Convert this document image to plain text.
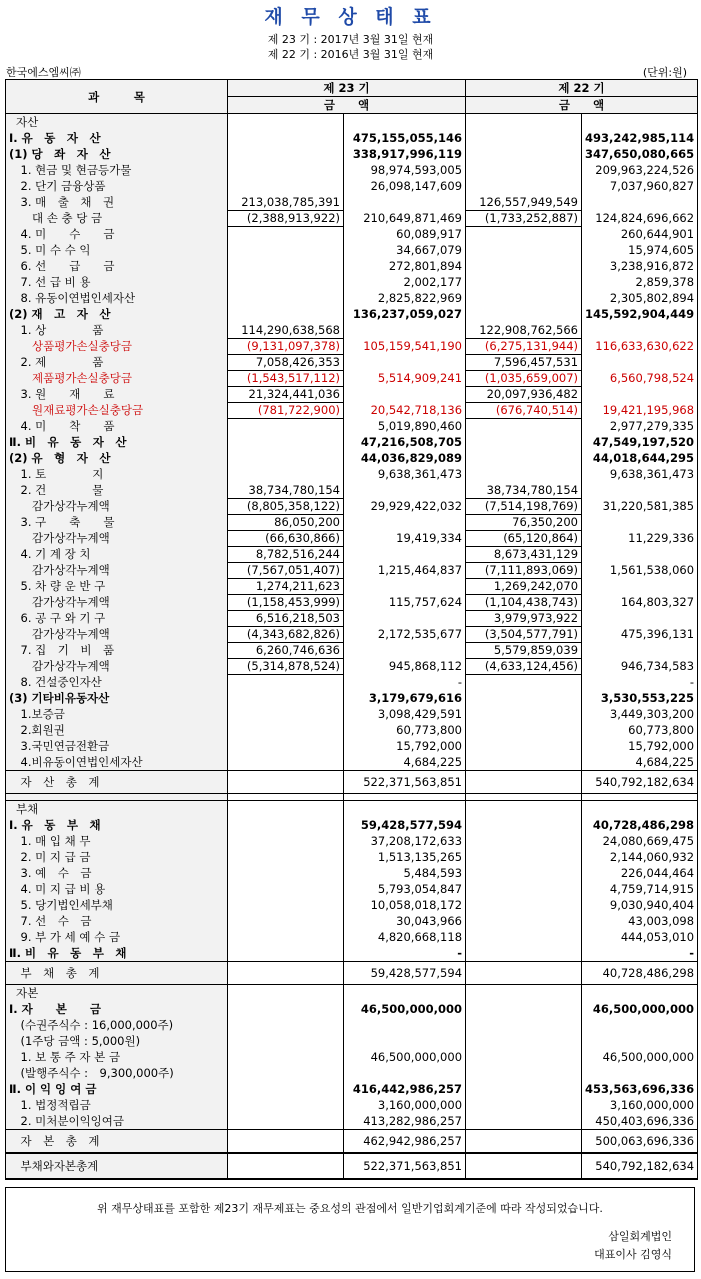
재 무 상 태 표
제 23 기 : 2017년 3월 31일 현재
제 22 기 : 2016년 3월 31일 현재
한국에스엠씨㈜	(단위:원)
과　　　목	제 23 기		제 22 기	
	금　　액		금　　액	
자산				
Ⅰ. 유　동　자　산		475,155,055,146		493,242,985,114
(1) 당　좌　자　산		338,917,996,119		347,650,080,665
　1. 현금 및 현금등가물		98,974,593,005		209,963,224,526
　2. 단기 금융상품		26,098,147,609		7,037,960,827
　3. 매　출　채　권	213,038,785,391		126,557,949,549	
　　대 손 충 당 금	(2,388,913,922)	210,649,871,469	(1,733,252,887)	124,824,696,662
　4. 미　　수　　금		60,089,917		260,644,901
　5. 미 수 수 익		34,667,079		15,974,605
　6. 선　　급　　금		272,801,894		3,238,916,872
　7. 선 급 비 용		2,002,177		2,859,378
　8. 유동이연법인세자산		2,825,822,969		2,305,802,894
(2) 재　고　자　산		136,237,059,027		145,592,904,449
　1. 상　　　　품	114,290,638,568		122,908,762,566	
　　상품평가손실충당금	(9,131,097,378)	105,159,541,190	(6,275,131,944)	116,633,630,622
　2. 제　　　　품	7,058,426,353		7,596,457,531	
　　제품평가손실충당금	(1,543,517,112)	5,514,909,241	(1,035,659,007)	6,560,798,524
　3. 원　　재　　료	21,324,441,036		20,097,936,482	
　　원재료평가손실충당금	(781,722,900)	20,542,718,136	(676,740,514)	19,421,195,968
　4. 미　　착　　품		5,019,890,460		2,977,279,335
Ⅱ. 비　유　동　자　산		47,216,508,705		47,549,197,520
(2) 유　형　자　산		44,036,829,089		44,018,644,295
　1. 토　　　　지		9,638,361,473		9,638,361,473
　2. 건　　　　물	38,734,780,154		38,734,780,154	
　　감가상각누계액	(8,805,358,122)	29,929,422,032	(7,514,198,769)	31,220,581,385
　3. 구　　축　　물	86,050,200		76,350,200	
　　감가상각누계액	(66,630,866)	19,419,334	(65,120,864)	11,229,336
　4. 기 계 장 치	8,782,516,244		8,673,431,129	
　　감가상각누계액	(7,567,051,407)	1,215,464,837	(7,111,893,069)	1,561,538,060
　5. 차 량 운 반 구	1,274,211,623		1,269,242,070	
　　감가상각누계액	(1,158,453,999)	115,757,624	(1,104,438,743)	164,803,327
　6. 공 구 와 기 구	6,516,218,503		3,979,973,922	
　　감가상각누계액	(4,343,682,826)	2,172,535,677	(3,504,577,791)	475,396,131
　7. 집　기　비　품	6,260,746,636		5,579,859,039	
　　감가상각누계액	(5,314,878,524)	945,868,112	(4,633,124,456)	946,734,583
　8. 건설중인자산		-		-
(3) 기타비유동자산		3,179,679,616		3,530,553,225
　1.보증금		3,098,429,591		3,449,303,200
　2.회원권		60,773,800		60,773,800
　3.국민연금전환금		15,792,000		15,792,000
　4.비유동이연법인세자산		4,684,225		4,684,225
　자　산　총　계		522,371,563,851		540,792,182,634

부채				
Ⅰ. 유　동　부　채		59,428,577,594		40,728,486,298
　1. 매 입 채 무		37,208,172,633		24,080,669,475
　2. 미 지 급 금		1,513,135,265		2,144,060,932
　3. 예　수　금		5,484,593		226,044,464
　4. 미 지 급 비 용		5,793,054,847		4,759,714,915
　5. 당기법인세부채		10,058,018,172		9,030,940,404
　7. 선　수　금		30,043,966		43,003,098
　9. 부 가 세 예 수 금		4,820,668,118		444,053,010
Ⅱ. 비　유　동　부　채		-		-
　부　채　총　계		59,428,577,594		40,728,486,298
자본				
Ⅰ. 자　　본　　금		46,500,000,000		46,500,000,000
　(수권주식수 : 16,000,000주)				
　(1주당 금액 : 5,000원)				
　1. 보 통 주 자 본 금		46,500,000,000		46,500,000,000
　(발행주식수 :　9,300,000주)				
Ⅱ. 이 익 잉 여 금		416,442,986,257		453,563,696,336
　1. 법정적립금		3,160,000,000		3,160,000,000
　2. 미처분이익잉여금		413,282,986,257		450,403,696,336
　자　본　총　계		462,942,986,257		500,063,696,336
　부채와자본총계		522,371,563,851		540,792,182,634
위 재무상태표를 포함한 제23기 재무제표는 중요성의 관점에서 일반기업회계기준에 따라 작성되었습니다.
삼일회계법인
대표이사 김영식
